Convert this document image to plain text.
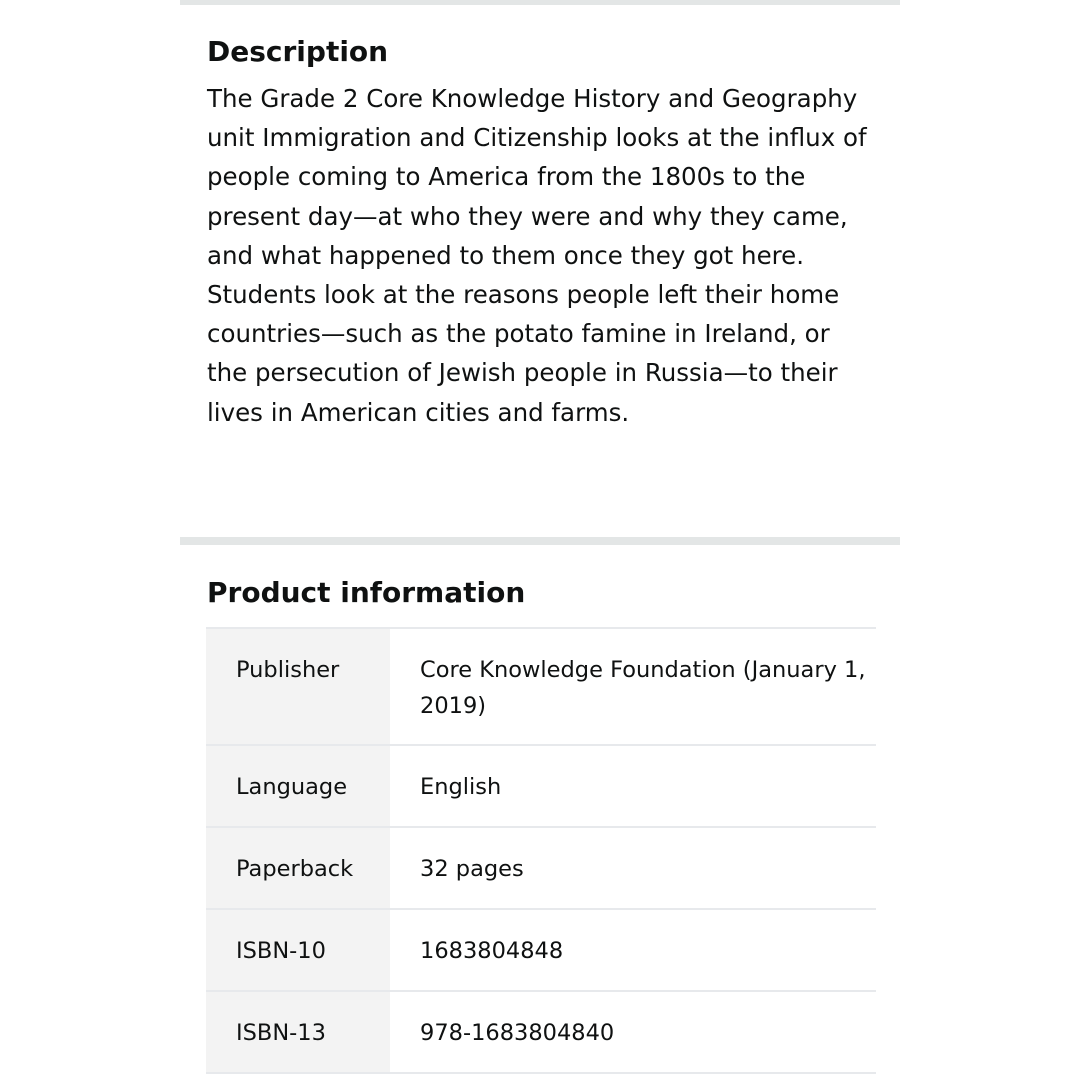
Description

The Grade 2 Core Knowledge History and Geography unit Immigration and Citizenship looks at the influx of people coming to America from the 1800s to the present day—at who they were and why they came, and what happened to them once they got here. Students look at the reasons people left their home countries—such as the potato famine in Ireland, or the persecution of Jewish people in Russia—to their lives in American cities and farms.

Product information
Publisher	Core Knowledge Foundation (January 1, 2019)
Language	English
Paperback	32 pages
ISBN-10	1683804848
ISBN-13	978-1683804840
